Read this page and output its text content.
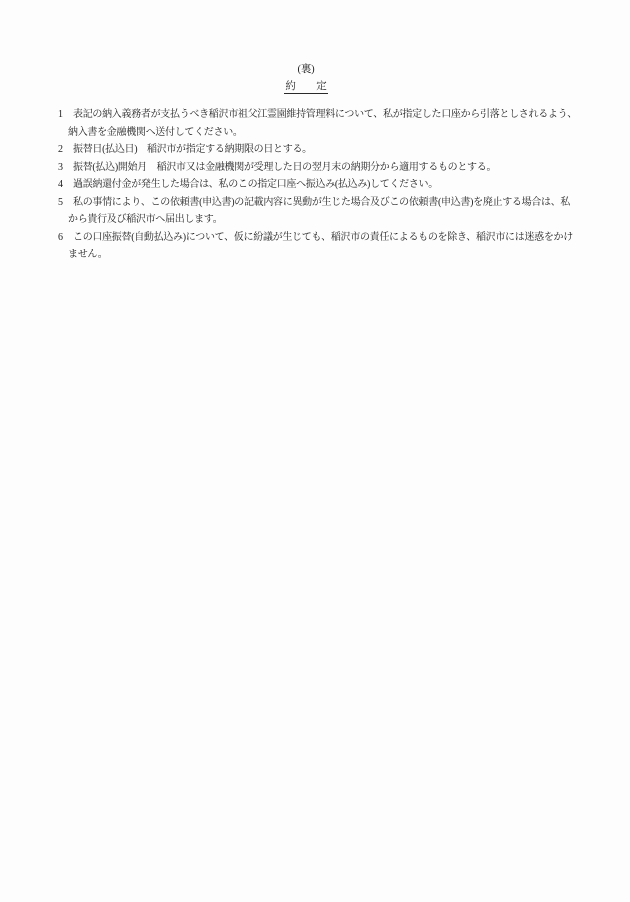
(裏)
約　　定
1 表記の納入義務者が支払うべき稲沢市祖父江霊園維持管理料について、私が指定した口座から引落としされるよう、
納入書を金融機関へ送付してください。
2 振替日(払込日)　稲沢市が指定する納期限の日とする。
3 振替(払込)開始月　稲沢市又は金融機関が受理した日の翌月末の納期分から適用するものとする。
4 過誤納還付金が発生した場合は、私のこの指定口座へ振込み(払込み)してください。
5 私の事情により、この依頼書(申込書)の記載内容に異動が生じた場合及びこの依頼書(申込書)を廃止する場合は、私
から貴行及び稲沢市へ届出します。
6 この口座振替(自動払込み)について、仮に紛議が生じても、稲沢市の責任によるものを除き、稲沢市には迷惑をかけ
ません。
